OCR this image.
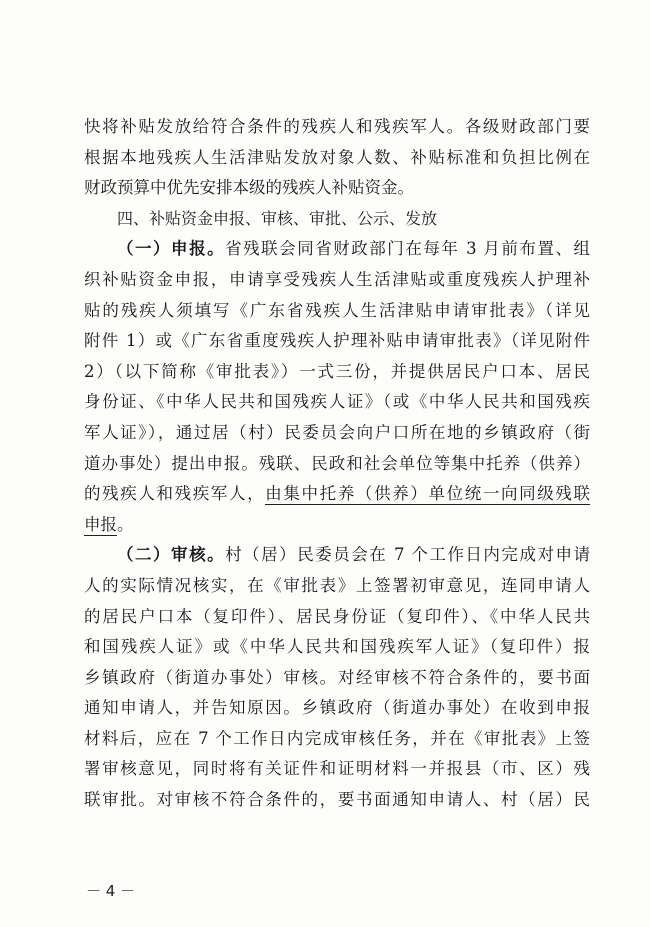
快将补贴发放给符合条件的残疾人和残疾军人。各级财政部门要
根据本地残疾人生活津贴发放对象人数、补贴标准和负担比例在
财政预算中优先安排本级的残疾人补贴资金。
四、补贴资金申报、审核、审批、公示、发放
（一）申报。省残联会同省财政部门在每年 3 月前布置、组
织补贴资金申报，申请享受残疾人生活津贴或重度残疾人护理补
贴的残疾人须填写《广东省残疾人生活津贴申请审批表》（详见
附件 1）或《广东省重度残疾人护理补贴申请审批表》（详见附件
2）（以下简称《审批表》）一式三份，并提供居民户口本、居民
身份证、《中华人民共和国残疾人证》（或《中华人民共和国残疾
军人证》），通过居（村）民委员会向户口所在地的乡镇政府（街
道办事处）提出申报。残联、民政和社会单位等集中托养（供养）
的残疾人和残疾军人，由集中托养（供养）单位统一向同级残联
申报。
（二）审核。村（居）民委员会在 7 个工作日内完成对申请
人的实际情况核实，在《审批表》上签署初审意见，连同申请人
的居民户口本（复印件）、居民身份证（复印件）、《中华人民共
和国残疾人证》或《中华人民共和国残疾军人证》（复印件）报
乡镇政府（街道办事处）审核。对经审核不符合条件的，要书面
通知申请人，并告知原因。乡镇政府（街道办事处）在收到申报
材料后，应在 7 个工作日内完成审核任务，并在《审批表》上签
署审核意见，同时将有关证件和证明材料一并报县（市、区）残
联审批。对审核不符合条件的，要书面通知申请人、村（居）民
－ 4 －
